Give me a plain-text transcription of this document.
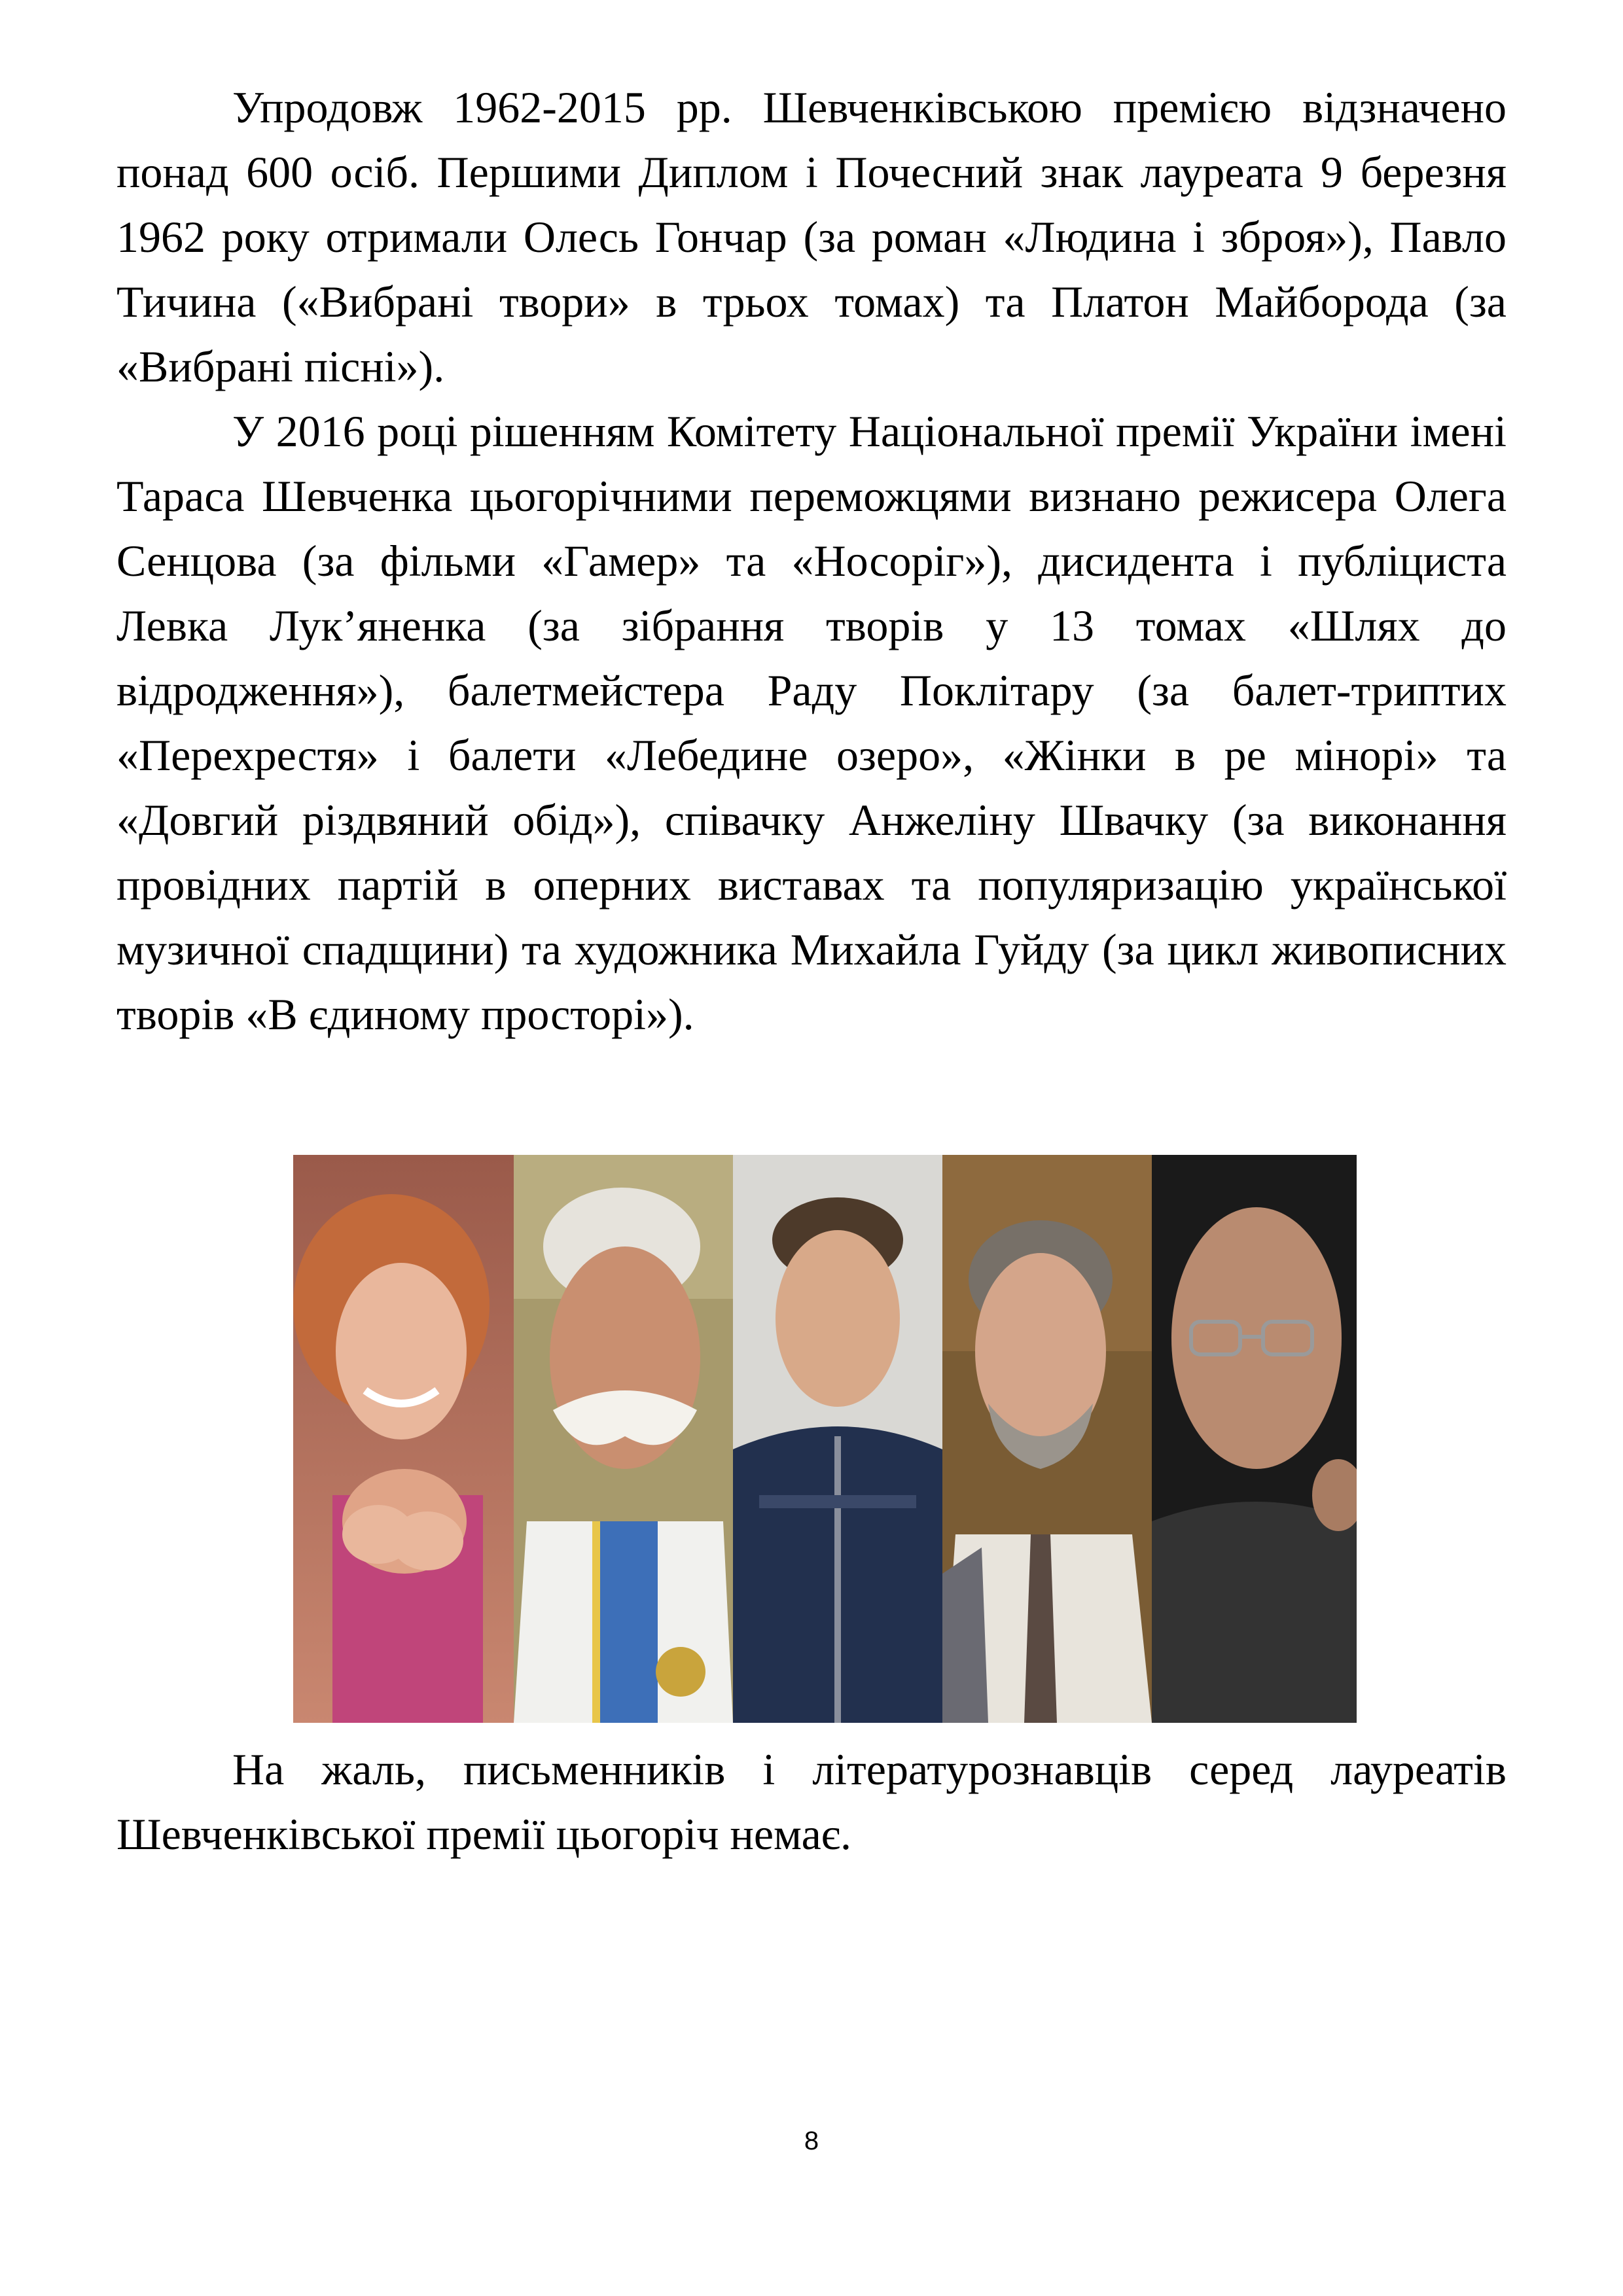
Упродовж 1962-2015 рр. Шевченківською премією відзначено понад 600 осіб. Першими Диплом і Почесний знак лауреата 9 березня 1962 року отримали Олесь Гончар (за роман «Людина і зброя»), Павло Тичина («Вибрані твори» в трьох томах) та Платон Майборода (за «Вибрані пісні»).

У 2016 році рішенням Комітету Національної премії України імені Тараса Шевченка цьогорічними переможцями визнано режисера Олега Сенцова (за фільми «Гамер» та «Носоріг»), дисидента і публіциста Левка Лук’яненка (за зібрання творів у 13 томах «Шлях до відродження»), балетмейстера Раду Поклітару (за балет-триптих «Перехрестя» і балети «Лебедине озеро», «Жінки в ре мінорі» та «Довгий різдвяний обід»), співачку Анжеліну Швачку (за виконання провідних партій в оперних виставах та популяризацію української музичної спадщини) та художника Михайла Гуйду (за цикл живописних творів «В єдиному просторі»).

На жаль, письменників і літературознавців серед лауреатів Шевченківської премії цьогоріч немає.

8
